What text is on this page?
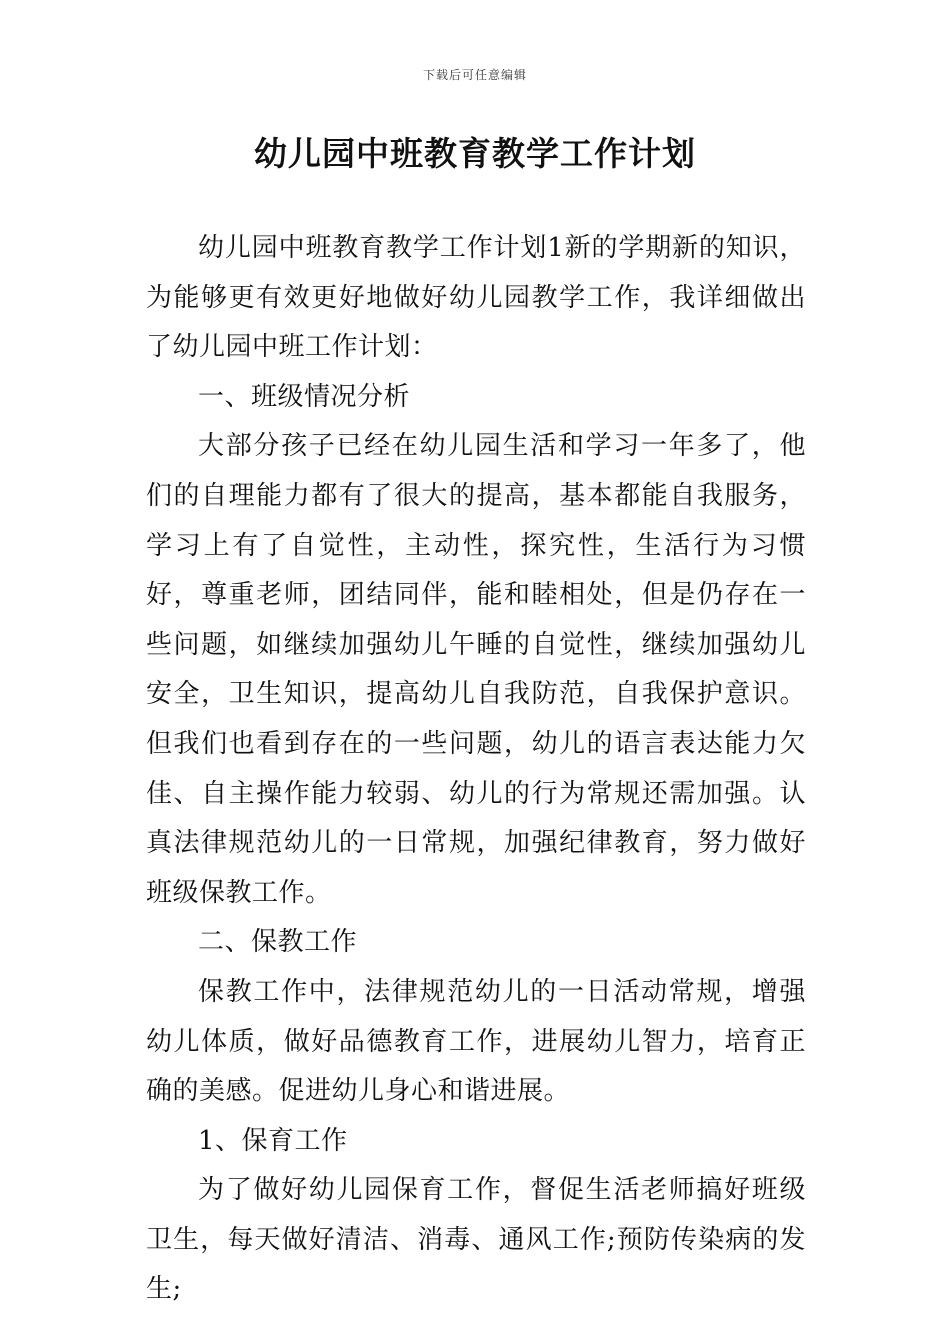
下载后可任意编辑
幼儿园中班教育教学工作计划

幼儿园中班教育教学工作计划1新的学期新的知识，为能够更有效更好地做好幼儿园教学工作，我详细做出了幼儿园中班工作计划：

一、班级情况分析

大部分孩子已经在幼儿园生活和学习一年多了，他们的自理能力都有了很大的提高，基本都能自我服务，学习上有了自觉性，主动性，探究性，生活行为习惯好，尊重老师，团结同伴，能和睦相处，但是仍存在一些问题，如继续加强幼儿午睡的自觉性，继续加强幼儿安全，卫生知识，提高幼儿自我防范，自我保护意识。但我们也看到存在的一些问题，幼儿的语言表达能力欠佳、自主操作能力较弱、幼儿的行为常规还需加强。认真法律规范幼儿的一日常规，加强纪律教育，努力做好班级保教工作。

二、保教工作

保教工作中，法律规范幼儿的一日活动常规，增强幼儿体质，做好品德教育工作，进展幼儿智力，培育正确的美感。促进幼儿身心和谐进展。

1、保育工作

为了做好幼儿园保育工作，督促生活老师搞好班级卫生，每天做好清洁、消毒、通风工作;预防传染病的发生;
